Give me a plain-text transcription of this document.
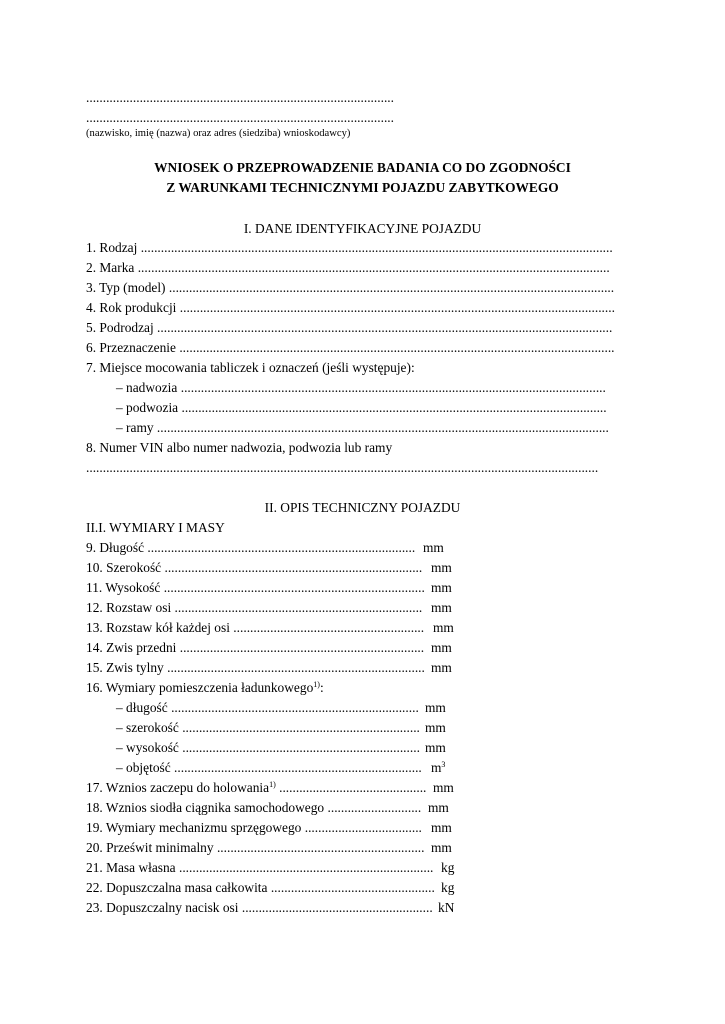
............................................................................................
............................................................................................
(nazwisko, imię (nazwa) oraz adres (siedziba) wnioskodawcy)
WNIOSEK O PRZEPROWADZENIE BADANIA CO DO ZGODNOŚCI
Z WARUNKAMI TECHNICZNYMI POJAZDU ZABYTKOWEGO
I. DANE IDENTYFIKACYJNE POJAZDU
1. Rodzaj .............................................................................................................................................
2. Marka .............................................................................................................................................
3. Typ (model) .....................................................................................................................................
4. Rok produkcji ..................................................................................................................................
5. Podrodzaj ........................................................................................................................................
6. Przeznaczenie ..................................................................................................................................
7. Miejsce mocowania tabliczek i oznaczeń (jeśli występuje):
– nadwozia ...............................................................................................................................
– podwozia ...............................................................................................................................
– ramy .......................................................................................................................................
8. Numer VIN albo numer nadwozia, podwozia lub ramy
.........................................................................................................................................................
II. OPIS TECHNICZNY POJAZDU
II.I. WYMIARY I MASY
9. Długość ................................................................................ mm
10. Szerokość ............................................................................. mm
11. Wysokość .............................................................................. mm
12. Rozstaw osi .......................................................................... mm
13. Rozstaw kół każdej osi ......................................................... mm
14. Zwis przedni ......................................................................... mm
15. Zwis tylny ............................................................................. mm
16. Wymiary pomieszczenia ładunkowego$^{1)}$:
– długość .......................................................................... mm
– szerokość ....................................................................... mm
– wysokość ....................................................................... mm
– objętość .......................................................................... $m^3$
17. Wznios zaczepu do holowania$^{1)}$ ............................................ mm
18. Wznios siodła ciągnika samochodowego ............................ mm
19. Wymiary mechanizmu sprzęgowego ................................... mm
20. Prześwit minimalny .............................................................. mm
21. Masa własna ............................................................................ kg
22. Dopuszczalna masa całkowita ................................................. kg
23. Dopuszczalny nacisk osi ......................................................... kN
